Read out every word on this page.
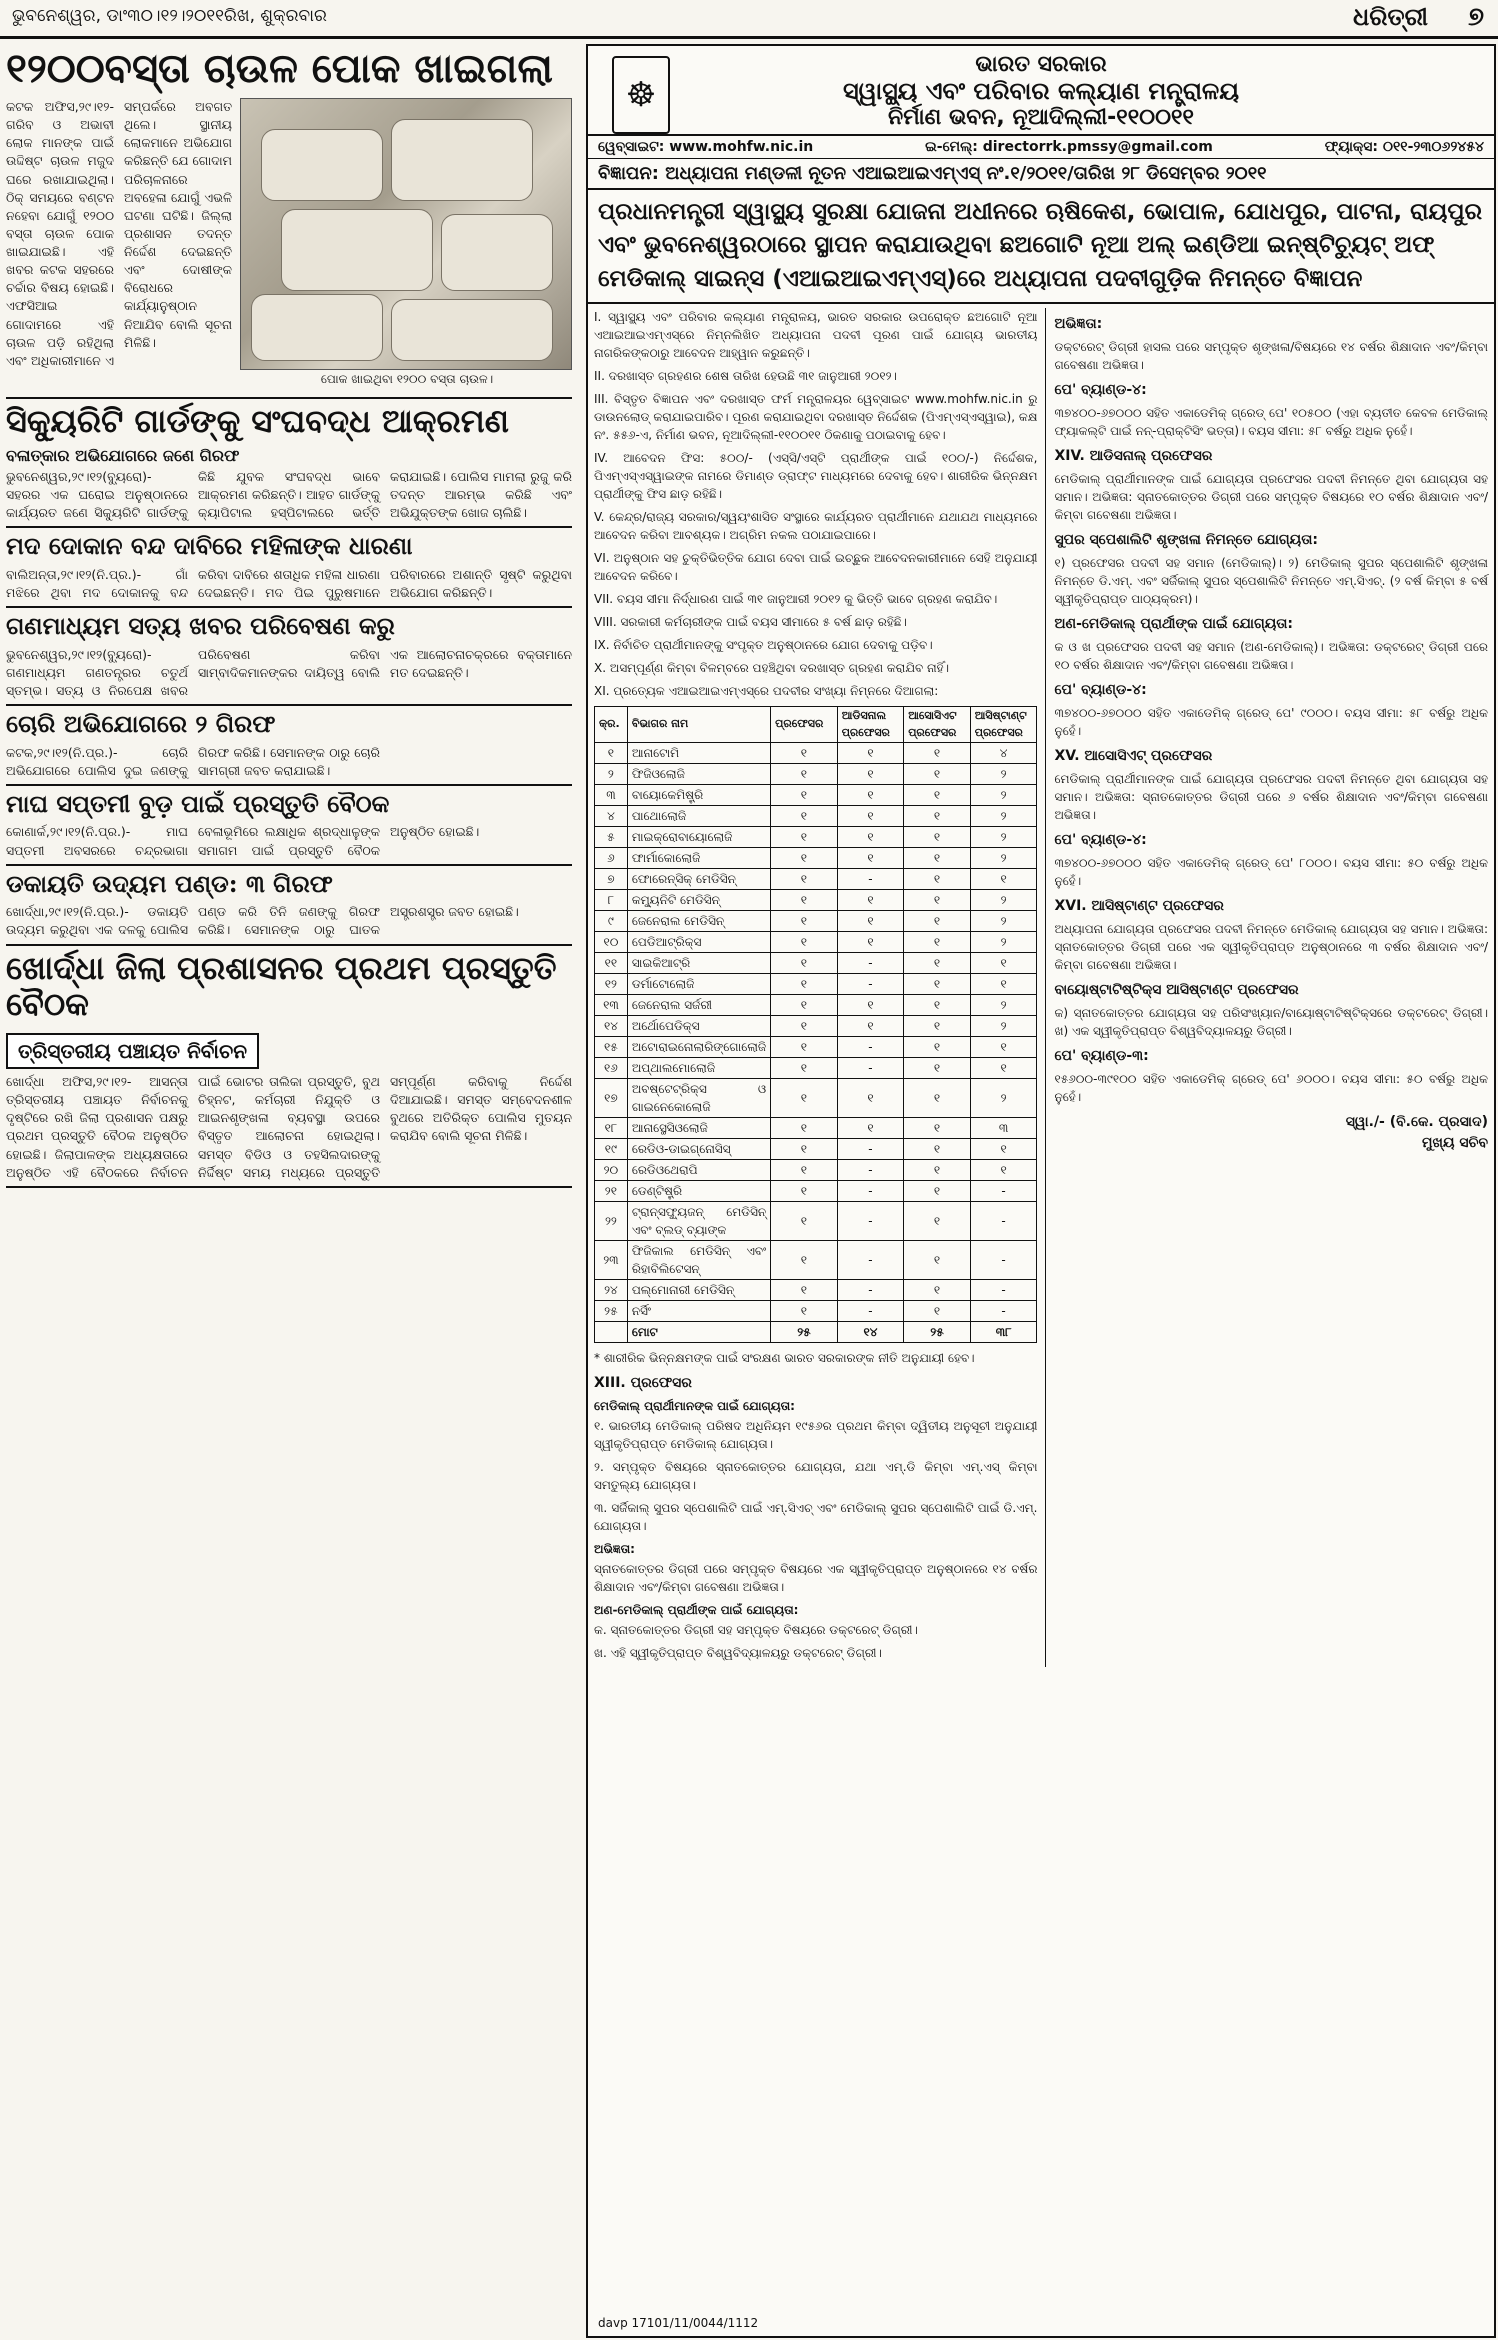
ଭୁବନେଶ୍ୱର, ଡାଂ୩୦।୧୨।୨୦୧୧ରିଖ, ଶୁକ୍ରବାର	ଧରିତ୍ରୀ ୭
୧୨୦୦ବସ୍ତା ଚାଉଳ ପୋକ ଖାଇଗଲା
ପୋକ ଖାଇଥିବା ୧୨୦୦ ବସ୍ତା ଚାଉଳ।
କଟକ ଅଫିସ,୨୯।୧୨-ଗରିବ ଓ ଅଭାବୀ ଲୋକ ମାନଙ୍କ ପାଇଁ ଉଦ୍ଦିଷ୍ଟ ଚାଉଳ ମଜୁଦ ଘରେ ରଖାଯାଇଥିଲା। ଠିକ୍ ସମୟରେ ବଣ୍ଟନ ନହେବା ଯୋଗୁଁ ୧୨୦୦ ବସ୍ତା ଚାଉଳ ପୋକ ଖାଇଯାଇଛି। ଏହି ଖବର କଟକ ସହରରେ ଚର୍ଚ୍ଚାର ବିଷୟ ହୋଇଛି। ଏଫସିଆଇ ଗୋଦାମରେ ଏହି ଚାଉଳ ପଡ଼ି ରହିଥିଲା ଏବଂ ଅଧିକାରୀମାନେ ଏ ସମ୍ପର୍କରେ ଅବଗତ ଥିଲେ। ସ୍ଥାନୀୟ ଲୋକମାନେ ଅଭିଯୋଗ କରିଛନ୍ତି ଯେ ଗୋଦାମ ପରିଚାଳନାରେ ଅବହେଳା ଯୋଗୁଁ ଏଭଳି ଘଟଣା ଘଟିଛି। ଜିଲ୍ଲା ପ୍ରଶାସନ ତଦନ୍ତ ନିର୍ଦ୍ଦେଶ ଦେଇଛନ୍ତି ଏବଂ ଦୋଷୀଙ୍କ ବିରୋଧରେ କାର୍ଯ୍ୟାନୁଷ୍ଠାନ ନିଆଯିବ ବୋଲି ସୂଚନା ମିଳିଛି।
ସିକ୍ୟୁରିଟି ଗାର୍ଡଙ୍କୁ ସଂଘବଦ୍ଧ ଆକ୍ରମଣ
ବଳାତ୍କାର ଅଭିଯୋଗରେ ଜଣେ ଗିରଫ
ଭୁବନେଶ୍ୱର,୨୯।୧୨(ବ୍ୟୁରୋ)- ସହରର ଏକ ଘରୋଇ ଅନୁଷ୍ଠାନରେ କାର୍ଯ୍ୟରତ ଜଣେ ସିକ୍ୟୁରିଟି ଗାର୍ଡଙ୍କୁ କିଛି ଯୁବକ ସଂଘବଦ୍ଧ ଭାବେ ଆକ୍ରମଣ କରିଛନ୍ତି। ଆହତ ଗାର୍ଡଙ୍କୁ କ୍ୟାପିଟାଲ ହସ୍ପିଟାଲରେ ଭର୍ତ୍ତି କରାଯାଇଛି। ପୋଲିସ ମାମଲା ରୁଜୁ କରି ତଦନ୍ତ ଆରମ୍ଭ କରିଛି ଏବଂ ଅଭିଯୁକ୍ତଙ୍କ ଖୋଜ ଚାଲିଛି।
ମଦ ଦୋକାନ ବନ୍ଦ ଦାବିରେ ମହିଳାଙ୍କ ଧାରଣା
ବାଲିଅନ୍ତା,୨୯।୧୨(ନି.ପ୍ର.)- ଗାଁ ମଝିରେ ଥିବା ମଦ ଦୋକାନକୁ ବନ୍ଦ କରିବା ଦାବିରେ ଶତାଧିକ ମହିଳା ଧାରଣା ଦେଇଛନ୍ତି। ମଦ ପିଇ ପୁରୁଷମାନେ ପରିବାରରେ ଅଶାନ୍ତି ସୃଷ୍ଟି କରୁଥିବା ଅଭିଯୋଗ କରିଛନ୍ତି।
ଗଣମାଧ୍ୟମ ସତ୍ୟ ଖବର ପରିବେଷଣ କରୁ
ଭୁବନେଶ୍ୱର,୨୯।୧୨(ବ୍ୟୁରୋ)- ଗଣମାଧ୍ୟମ ଗଣତନ୍ତ୍ରର ଚତୁର୍ଥ ସ୍ତମ୍ଭ। ସତ୍ୟ ଓ ନିରପେକ୍ଷ ଖବର ପରିବେଷଣ କରିବା ସାମ୍ବାଦିକମାନଙ୍କର ଦାୟିତ୍ୱ ବୋଲି ଏକ ଆଲୋଚନାଚକ୍ରରେ ବକ୍ତାମାନେ ମତ ଦେଇଛନ୍ତି।
ଚୋରି ଅଭିଯୋଗରେ ୨ ଗିରଫ
କଟକ,୨୯।୧୨(ନି.ପ୍ର.)- ଚୋରି ଅଭିଯୋଗରେ ପୋଲିସ ଦୁଇ ଜଣଙ୍କୁ ଗିରଫ କରିଛି। ସେମାନଙ୍କ ଠାରୁ ଚୋରି ସାମଗ୍ରୀ ଜବତ କରାଯାଇଛି।
ମାଘ ସପ୍ତମୀ ବୁଡ଼ ପାଇଁ ପ୍ରସ୍ତୁତି ବୈଠକ
କୋଣାର୍କ,୨୯।୧୨(ନି.ପ୍ର.)- ମାଘ ସପ୍ତମୀ ଅବସରରେ ଚନ୍ଦ୍ରଭାଗା ବେଳାଭୂମିରେ ଲକ୍ଷାଧିକ ଶ୍ରଦ୍ଧାଳୁଙ୍କ ସମାଗମ ପାଇଁ ପ୍ରସ୍ତୁତି ବୈଠକ ଅନୁଷ୍ଠିତ ହୋଇଛି।
ଡକାୟତି ଉଦ୍ୟମ ପଣ୍ଡ: ୩ ଗିରଫ
ଖୋର୍ଦ୍ଧା,୨୯।୧୨(ନି.ପ୍ର.)- ଡକାୟତି ଉଦ୍ୟମ କରୁଥିବା ଏକ ଦଳକୁ ପୋଲିସ ପଣ୍ଡ କରି ତିନି ଜଣଙ୍କୁ ଗିରଫ କରିଛି। ସେମାନଙ୍କ ଠାରୁ ଘାତକ ଅସ୍ତ୍ରଶସ୍ତ୍ର ଜବତ ହୋଇଛି।
ଖୋର୍ଦ୍ଧା ଜିଲା ପ୍ରଶାସନର ପ୍ରଥମ ପ୍ରସ୍ତୁତି ବୈଠକ
ତ୍ରିସ୍ତରୀୟ ପଞ୍ଚାୟତ ନିର୍ବାଚନ
ଖୋର୍ଦ୍ଧା ଅଫିସ,୨୯।୧୨- ଆସନ୍ତା ତ୍ରିସ୍ତରୀୟ ପଞ୍ଚାୟତ ନିର୍ବାଚନକୁ ଦୃଷ୍ଟିରେ ରଖି ଜିଲା ପ୍ରଶାସନ ପକ୍ଷରୁ ପ୍ରଥମ ପ୍ରସ୍ତୁତି ବୈଠକ ଅନୁଷ୍ଠିତ ହୋଇଛି। ଜିଲାପାଳଙ୍କ ଅଧ୍ୟକ୍ଷତାରେ ଅନୁଷ୍ଠିତ ଏହି ବୈଠକରେ ନିର୍ବାଚନ ପାଇଁ ଭୋଟର ତାଲିକା ପ୍ରସ୍ତୁତି, ବୁଥ ଚିହ୍ନଟ, କର୍ମଚାରୀ ନିଯୁକ୍ତି ଓ ଆଇନଶୃଙ୍ଖଳା ବ୍ୟବସ୍ଥା ଉପରେ ବିସ୍ତୃତ ଆଲୋଚନା ହୋଇଥିଲା। ସମସ୍ତ ବିଡିଓ ଓ ତହସିଲଦାରଙ୍କୁ ନିର୍ଦ୍ଦିଷ୍ଟ ସମୟ ମଧ୍ୟରେ ପ୍ରସ୍ତୁତି ସମ୍ପୂର୍ଣ୍ଣ କରିବାକୁ ନିର୍ଦ୍ଦେଶ ଦିଆଯାଇଛି। ସମସ୍ତ ସମ୍ବେଦନଶୀଳ ବୁଥରେ ଅତିରିକ୍ତ ପୋଲିସ ମୁତୟନ କରାଯିବ ବୋଲି ସୂଚନା ମିଳିଛି।
☸
ଭାରତ ସରକାର
ସ୍ୱାସ୍ଥ୍ୟ ଏବଂ ପରିବାର କଲ୍ୟାଣ ମନ୍ତ୍ରାଳୟ
ନିର୍ମାଣ ଭବନ, ନୂଆଦିଲ୍ଲୀ-୧୧୦୦୧୧
ୱେବ୍‌ସାଇଟ: www.mohfw.nic.in	ଇ-ମେଲ୍: directorrk.pmssy@gmail.com	ଫ୍ୟାକ୍ସ: ୦୧୧-୨୩୦୬୨୪୫୪
ବିଜ୍ଞାପନ: ଅଧ୍ୟାପନା ମଣ୍ଡଳୀ ନୂତନ ଏଆଇଆଇଏମ୍‌ଏସ୍ ନଂ.୧/୨୦୧୧/ତାରିଖ ୨୮ ଡିସେମ୍ବର ୨୦୧୧
ପ୍ରଧାନମନ୍ତ୍ରୀ ସ୍ୱାସ୍ଥ୍ୟ ସୁରକ୍ଷା ଯୋଜନା ଅଧୀନରେ ଋଷିକେଶ, ଭୋପାଳ, ଯୋଧପୁର, ପାଟନା, ରାୟପୁର ଏବଂ ଭୁବନେଶ୍ୱରଠାରେ ସ୍ଥାପନ କରାଯାଉଥିବା ଛଅଗୋଟି ନୂଆ ଅଲ୍ ଇଣ୍ଡିଆ ଇନ୍‌ଷ୍ଟିଚ୍ୟୁଟ୍ ଅଫ୍ ମେଡିକାଲ୍ ସାଇନ୍‌ସ (ଏଆଇଆଇଏମ୍‌ଏସ୍)ରେ ଅଧ୍ୟାପନା ପଦବୀଗୁଡ଼ିକ ନିମନ୍ତେ ବିଜ୍ଞାପନ
I. ସ୍ୱାସ୍ଥ୍ୟ ଏବଂ ପରିବାର କଲ୍ୟାଣ ମନ୍ତ୍ରାଳୟ, ଭାରତ ସରକାର ଉପରୋକ୍ତ ଛଅଗୋଟି ନୂଆ ଏଆଇଆଇଏମ୍‌ଏସ୍‌ରେ ନିମ୍ନଲିଖିତ ଅଧ୍ୟାପନା ପଦବୀ ପୂରଣ ପାଇଁ ଯୋଗ୍ୟ ଭାରତୀୟ ନାଗରିକଙ୍କଠାରୁ ଆବେଦନ ଆହ୍ୱାନ କରୁଛନ୍ତି।
II. ଦରଖାସ୍ତ ଗ୍ରହଣର ଶେଷ ତାରିଖ ହେଉଛି ୩୧ ଜାନୁଆରୀ ୨୦୧୨।
III. ବିସ୍ତୃତ ବିଜ୍ଞାପନ ଏବଂ ଦରଖାସ୍ତ ଫର୍ମ ମନ୍ତ୍ରାଳୟର ୱେବ୍‌ସାଇଟ www.mohfw.nic.in ରୁ ଡାଉନଲୋଡ୍ କରାଯାଇପାରିବ। ପୂରଣ କରାଯାଇଥିବା ଦରଖାସ୍ତ ନିର୍ଦ୍ଦେଶକ (ପିଏମ୍‌ଏସ୍‌ଏସ୍‌ୱାଇ), କକ୍ଷ ନଂ. ୫୫୬-ଏ, ନିର୍ମାଣ ଭବନ, ନୂଆଦିଲ୍ଲୀ-୧୧୦୦୧୧ ଠିକଣାକୁ ପଠାଇବାକୁ ହେବ।
IV. ଆବେଦନ ଫିସ: ୫୦୦/- (ଏସ୍‌ସି/ଏସ୍‌ଟି ପ୍ରାର୍ଥୀଙ୍କ ପାଇଁ ୧୦୦/-) ନିର୍ଦ୍ଦେଶକ, ପିଏମ୍‌ଏସ୍‌ଏସ୍‌ୱାଇଙ୍କ ନାମରେ ଡିମାଣ୍ଡ ଡ୍ରାଫ୍ଟ ମାଧ୍ୟମରେ ଦେବାକୁ ହେବ। ଶାରୀରିକ ଭିନ୍ନକ୍ଷମ ପ୍ରାର୍ଥୀଙ୍କୁ ଫିସ ଛାଡ଼ ରହିଛି।
V. କେନ୍ଦ୍ର/ରାଜ୍ୟ ସରକାର/ସ୍ୱୟଂଶାସିତ ସଂସ୍ଥାରେ କାର୍ଯ୍ୟରତ ପ୍ରାର୍ଥୀମାନେ ଯଥାଯଥ ମାଧ୍ୟମରେ ଆବେଦନ କରିବା ଆବଶ୍ୟକ। ଅଗ୍ରିମ ନକଲ ପଠାଯାଇପାରେ।
VI. ଅନୁଷ୍ଠାନ ସହ ଚୁକ୍ତିଭିତ୍ତିକ ଯୋଗ ଦେବା ପାଇଁ ଇଚ୍ଛୁକ ଆବେଦନକାରୀମାନେ ସେହି ଅନୁଯାୟୀ ଆବେଦନ କରିବେ।
VII. ବୟସ ସୀମା ନିର୍ଦ୍ଧାରଣ ପାଇଁ ୩୧ ଜାନୁଆରୀ ୨୦୧୨ କୁ ଭିତ୍ତି ଭାବେ ଗ୍ରହଣ କରାଯିବ।
VIII. ସରକାରୀ କର୍ମଚାରୀଙ୍କ ପାଇଁ ବୟସ ସୀମାରେ ୫ ବର୍ଷ ଛାଡ଼ ରହିଛି।
IX. ନିର୍ବାଚିତ ପ୍ରାର୍ଥୀମାନଙ୍କୁ ସଂପୃକ୍ତ ଅନୁଷ୍ଠାନରେ ଯୋଗ ଦେବାକୁ ପଡ଼ିବ।
X. ଅସମ୍ପୂର୍ଣ୍ଣ କିମ୍ବା ବିଳମ୍ବରେ ପହଞ୍ଚିଥିବା ଦରଖାସ୍ତ ଗ୍ରହଣ କରାଯିବ ନାହିଁ।
XI. ପ୍ରତ୍ୟେକ ଏଆଇଆଇଏମ୍‌ଏସ୍‌ରେ ପଦବୀର ସଂଖ୍ୟା ନିମ୍ନରେ ଦିଆଗଲା:
କ୍ର.	ବିଭାଗର ନାମ	ପ୍ରଫେସର	ଆଡିସନାଲ ପ୍ରଫେସର	ଆସୋସିଏଟ ପ୍ରଫେସର	ଆସିଷ୍ଟାଣ୍ଟ ପ୍ରଫେସର
୧	ଆନାଟୋମି	୧	୧	୧	୪
୨	ଫିଜିଓଲୋଜି	୧	୧	୧	୨
୩	ବାୟୋକେମିଷ୍ଟ୍ରି	୧	୧	୧	୨
୪	ପାଥୋଲୋଜି	୧	୧	୧	୨
୫	ମାଇକ୍ରୋବାୟୋଲୋଜି	୧	୧	୧	୨
୬	ଫାର୍ମାକୋଲୋଜି	୧	୧	୧	୨
୭	ଫୋରେନ୍‌ସିକ୍ ମେଡିସିନ୍	୧	-	୧	୧
୮	କମ୍ୟୁନିଟି ମେଡିସିନ୍	୧	୧	୧	୨
୯	ଜେନେରାଲ ମେଡିସିନ୍	୧	୧	୧	୨
୧୦	ପେଡିଆଟ୍ରିକ୍ସ	୧	୧	୧	୨
୧୧	ସାଇକିଆଟ୍ରି	୧	-	୧	୧
୧୨	ଡର୍ମାଟୋଲୋଜି	୧	-	୧	୧
୧୩	ଜେନେରାଲ ସର୍ଜରୀ	୧	୧	୧	୨
୧୪	ଅର୍ଥୋପେଡିକ୍ସ	୧	୧	୧	୨
୧୫	ଅଟୋରାଇନୋଲାରିଙ୍ଗୋଲୋଜି	୧	-	୧	୧
୧୬	ଅପ୍‌ଥାଲମୋଲୋଜି	୧	-	୧	୧
୧୭	ଅବଷ୍ଟେଟ୍ରିକ୍ସ ଓ ଗାଇନେକୋଲୋଜି	୧	୧	୧	୨
୧୮	ଆନାସ୍ଥେସିଓଲୋଜି	୧	୧	୧	୩
୧୯	ରେଡିଓ-ଡାଇଗ୍ନୋସିସ୍	୧	-	୧	୧
୨୦	ରେଡିଓଥେରାପି	୧	-	୧	୧
୨୧	ଡେଣ୍ଟିଷ୍ଟ୍ରି	୧	-	୧	-
୨୨	ଟ୍ରାନ୍ସଫ୍ୟୁଜନ୍ ମେଡିସିନ୍ ଏବଂ ବ୍ଲଡ୍ ବ୍ୟାଙ୍କ	୧	-	୧	-
୨୩	ଫିଜିକାଲ ମେଡିସିନ୍ ଏବଂ ରିହାବିଲିଟେସନ୍	୧	-	୧	-
୨୪	ପଲ୍‌ମୋନାରୀ ମେଡିସିନ୍	୧	-	୧	-
୨୫	ନର୍ସିଂ	୧	-	୧	-
	ମୋଟ	୨୫	୧୪	୨୫	୩୮
* ଶାରୀରିକ ଭିନ୍ନକ୍ଷମଙ୍କ ପାଇଁ ସଂରକ୍ଷଣ ଭାରତ ସରକାରଙ୍କ ନୀତି ଅନୁଯାୟୀ ହେବ।
XIII. ପ୍ରଫେସର
ମେଡିକାଲ୍ ପ୍ରାର୍ଥୀମାନଙ୍କ ପାଇଁ ଯୋଗ୍ୟତା:
୧. ଭାରତୀୟ ମେଡିକାଲ୍ ପରିଷଦ ଅଧିନିୟମ ୧୯୫୬ର ପ୍ରଥମ କିମ୍ବା ଦ୍ୱିତୀୟ ଅନୁସୂଚୀ ଅନୁଯାୟୀ ସ୍ୱୀକୃତିପ୍ରାପ୍ତ ମେଡିକାଲ୍ ଯୋଗ୍ୟତା।
୨. ସମ୍ପୃକ୍ତ ବିଷୟରେ ସ୍ନାତକୋତ୍ତର ଯୋଗ୍ୟତା, ଯଥା ଏମ୍.ଡି କିମ୍ବା ଏମ୍.ଏସ୍ କିମ୍ବା ସମତୁଲ୍ୟ ଯୋଗ୍ୟତା।
୩. ସର୍ଜିକାଲ୍ ସୁପର ସ୍ପେଶାଲିଟି ପାଇଁ ଏମ୍.ସିଏଚ୍ ଏବଂ ମେଡିକାଲ୍ ସୁପର ସ୍ପେଶାଲିଟି ପାଇଁ ଡି.ଏମ୍. ଯୋଗ୍ୟତା।
ଅଭିଜ୍ଞତା:
ସ୍ନାତକୋତ୍ତର ଡିଗ୍ରୀ ପରେ ସମ୍ପୃକ୍ତ ବିଷୟରେ ଏକ ସ୍ୱୀକୃତିପ୍ରାପ୍ତ ଅନୁଷ୍ଠାନରେ ୧୪ ବର୍ଷର ଶିକ୍ଷାଦାନ ଏବଂ/କିମ୍ବା ଗବେଷଣା ଅଭିଜ୍ଞତା।
ଅଣ-ମେଡିକାଲ୍ ପ୍ରାର୍ଥୀଙ୍କ ପାଇଁ ଯୋଗ୍ୟତା:
କ. ସ୍ନାତକୋତ୍ତର ଡିଗ୍ରୀ ସହ ସମ୍ପୃକ୍ତ ବିଷୟରେ ଡକ୍ଟରେଟ୍ ଡିଗ୍ରୀ।
ଖ. ଏହି ସ୍ୱୀକୃତିପ୍ରାପ୍ତ ବିଶ୍ୱବିଦ୍ୟାଳୟରୁ ଡକ୍ଟରେଟ୍ ଡିଗ୍ରୀ।
ଅଭିଜ୍ଞତା:
ଡକ୍ଟରେଟ୍ ଡିଗ୍ରୀ ହାସଲ ପରେ ସମ୍ପୃକ୍ତ ଶୃଙ୍ଖଳା/ବିଷୟରେ ୧୪ ବର୍ଷର ଶିକ୍ଷାଦାନ ଏବଂ/କିମ୍ବା ଗବେଷଣା ଅଭିଜ୍ଞତା।
ପେ' ବ୍ୟାଣ୍ଡ-୪:
୩୭୪୦୦-୬୭୦୦୦ ସହିତ ଏକାଡେମିକ୍ ଗ୍ରେଡ୍ ପେ' ୧୦୫୦୦ (ଏହା ବ୍ୟତୀତ କେବଳ ମେଡିକାଲ୍ ଫ୍ୟାକଲ୍ଟି ପାଇଁ ନନ୍-ପ୍ରାକ୍ଟିସିଂ ଭତ୍ତା)। ବୟସ ସୀମା: ୫୮ ବର୍ଷରୁ ଅଧିକ ନୁହେଁ।
XIV. ଆଡିସନାଲ୍ ପ୍ରଫେସର
ମେଡିକାଲ୍ ପ୍ରାର୍ଥୀମାନଙ୍କ ପାଇଁ ଯୋଗ୍ୟତା ପ୍ରଫେସର ପଦବୀ ନିମନ୍ତେ ଥିବା ଯୋଗ୍ୟତା ସହ ସମାନ। ଅଭିଜ୍ଞତା: ସ୍ନାତକୋତ୍ତର ଡିଗ୍ରୀ ପରେ ସମ୍ପୃକ୍ତ ବିଷୟରେ ୧୦ ବର୍ଷର ଶିକ୍ଷାଦାନ ଏବଂ/କିମ୍ବା ଗବେଷଣା ଅଭିଜ୍ଞତା।
ସୁପର ସ୍ପେଶାଲିଟି ଶୃଙ୍ଖଳା ନିମନ୍ତେ ଯୋଗ୍ୟତା:
୧) ପ୍ରଫେସର ପଦବୀ ସହ ସମାନ (ମେଡିକାଲ୍)। ୨) ମେଡିକାଲ୍ ସୁପର ସ୍ପେଶାଲିଟି ଶୃଙ୍ଖଳା ନିମନ୍ତେ ଡି.ଏମ୍. ଏବଂ ସର୍ଜିକାଲ୍ ସୁପର ସ୍ପେଶାଲିଟି ନିମନ୍ତେ ଏମ୍.ସିଏଚ୍. (୨ ବର୍ଷ କିମ୍ବା ୫ ବର୍ଷ ସ୍ୱୀକୃତିପ୍ରାପ୍ତ ପାଠ୍ୟକ୍ରମ)।
ଅଣ-ମେଡିକାଲ୍ ପ୍ରାର୍ଥୀଙ୍କ ପାଇଁ ଯୋଗ୍ୟତା:
କ ଓ ଖ ପ୍ରଫେସର ପଦବୀ ସହ ସମାନ (ଅଣ-ମେଡିକାଲ୍)। ଅଭିଜ୍ଞତା: ଡକ୍ଟରେଟ୍ ଡିଗ୍ରୀ ପରେ ୧୦ ବର୍ଷର ଶିକ୍ଷାଦାନ ଏବଂ/କିମ୍ବା ଗବେଷଣା ଅଭିଜ୍ଞତା।
ପେ' ବ୍ୟାଣ୍ଡ-୪:
୩୭୪୦୦-୬୭୦୦୦ ସହିତ ଏକାଡେମିକ୍ ଗ୍ରେଡ୍ ପେ' ୯୦୦୦। ବୟସ ସୀମା: ୫୮ ବର୍ଷରୁ ଅଧିକ ନୁହେଁ।
XV. ଆସୋସିଏଟ୍ ପ୍ରଫେସର
ମେଡିକାଲ୍ ପ୍ରାର୍ଥୀମାନଙ୍କ ପାଇଁ ଯୋଗ୍ୟତା ପ୍ରଫେସର ପଦବୀ ନିମନ୍ତେ ଥିବା ଯୋଗ୍ୟତା ସହ ସମାନ। ଅଭିଜ୍ଞତା: ସ୍ନାତକୋତ୍ତର ଡିଗ୍ରୀ ପରେ ୬ ବର୍ଷର ଶିକ୍ଷାଦାନ ଏବଂ/କିମ୍ବା ଗବେଷଣା ଅଭିଜ୍ଞତା।
ପେ' ବ୍ୟାଣ୍ଡ-୪:
୩୭୪୦୦-୬୭୦୦୦ ସହିତ ଏକାଡେମିକ୍ ଗ୍ରେଡ୍ ପେ' ୮୦୦୦। ବୟସ ସୀମା: ୫୦ ବର୍ଷରୁ ଅଧିକ ନୁହେଁ।
XVI. ଆସିଷ୍ଟାଣ୍ଟ ପ୍ରଫେସର
ଅଧ୍ୟାପନା ଯୋଗ୍ୟତା ପ୍ରଫେସର ପଦବୀ ନିମନ୍ତେ ମେଡିକାଲ୍ ଯୋଗ୍ୟତା ସହ ସମାନ। ଅଭିଜ୍ଞତା: ସ୍ନାତକୋତ୍ତର ଡିଗ୍ରୀ ପରେ ଏକ ସ୍ୱୀକୃତିପ୍ରାପ୍ତ ଅନୁଷ୍ଠାନରେ ୩ ବର୍ଷର ଶିକ୍ଷାଦାନ ଏବଂ/କିମ୍ବା ଗବେଷଣା ଅଭିଜ୍ଞତା।
ବାୟୋଷ୍ଟାଟିଷ୍ଟିକ୍ସ ଆସିଷ୍ଟାଣ୍ଟ ପ୍ରଫେସର
କ) ସ୍ନାତକୋତ୍ତର ଯୋଗ୍ୟତା ସହ ପରିସଂଖ୍ୟାନ/ବାୟୋଷ୍ଟାଟିଷ୍ଟିକ୍ସରେ ଡକ୍ଟରେଟ୍ ଡିଗ୍ରୀ। ଖ) ଏକ ସ୍ୱୀକୃତିପ୍ରାପ୍ତ ବିଶ୍ୱବିଦ୍ୟାଳୟରୁ ଡିଗ୍ରୀ।
ପେ' ବ୍ୟାଣ୍ଡ-୩:
୧୫୬୦୦-୩୯୧୦୦ ସହିତ ଏକାଡେମିକ୍ ଗ୍ରେଡ୍ ପେ' ୬୦୦୦। ବୟସ ସୀମା: ୫୦ ବର୍ଷରୁ ଅଧିକ ନୁହେଁ।
ସ୍ୱା./- (ବି.କେ. ପ୍ରସାଦ)
ମୁଖ୍ୟ ସଚିବ
davp 17101/11/0044/1112
